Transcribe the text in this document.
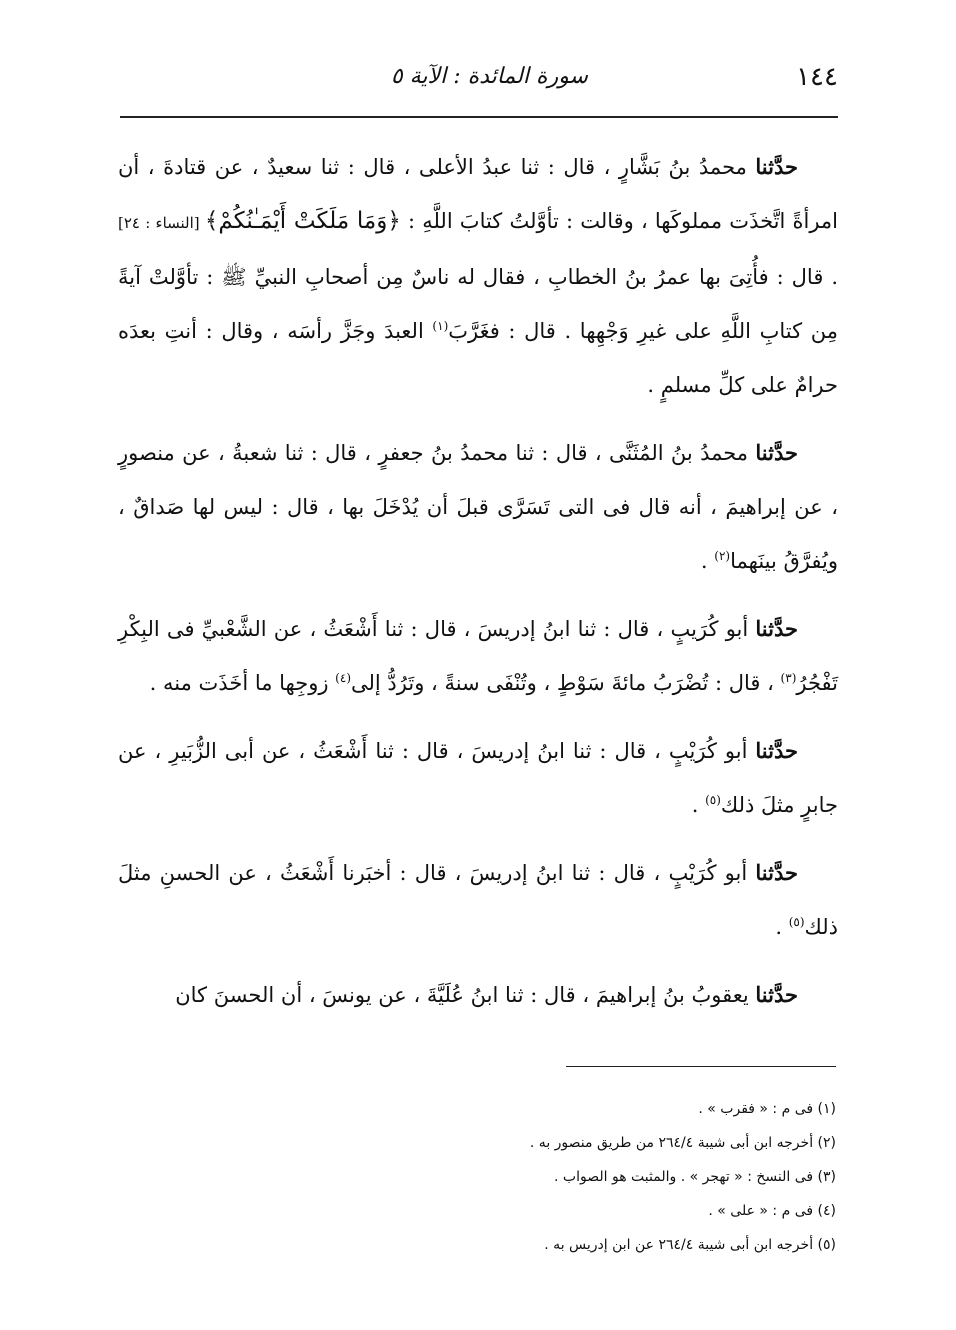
١٤٤
سورة المائدة : الآية ٥

حدَّثنا محمدُ بنُ بَشَّارٍ ، قال : ثنا عبدُ الأعلى ، قال : ثنا سعيدٌ ، عن قتادةَ ، أن امرأةً اتَّخذَت مملوكَها ، وقالت : تأوَّلتُ كتابَ اللَّهِ : ﴿وَمَا مَلَكَتْ أَيْمَـٰنُكُمْ﴾ [النساء : ٢٤] . قال : فأُتِىَ بها عمرُ بنُ الخطابِ ، فقال له ناسٌ مِن أصحابِ النبيِّ ﷺ : تأوَّلتْ آيةً مِن كتابِ اللَّهِ على غيرِ وَجْهِها . قال : فغَرَّبَ$^{(١)}$ العبدَ وجَزَّ رأسَه ، وقال : أنتِ بعدَه حرامٌ على كلِّ مسلمٍ .

حدَّثنا محمدُ بنُ المُثَنَّى ، قال : ثنا محمدُ بنُ جعفرٍ ، قال : ثنا شعبةُ ، عن منصورٍ ، عن إبراهيمَ ، أنه قال فى التى تَسَرَّى قبلَ أن يُدْخَلَ بها ، قال : ليس لها صَداقٌ ، ويُفرَّقُ بينَهما$^{(٢)}$ .

حدَّثنا أبو كُرَيبٍ ، قال : ثنا ابنُ إدريسَ ، قال : ثنا أَشْعَثُ ، عن الشَّعْبيِّ فى البِكْرِ تَفْجُرُ$^{(٣)}$ ، قال : تُضْرَبُ مائةَ سَوْطٍ ، وتُنْفَى سنةً ، وتَرُدُّ إلى$^{(٤)}$ زوجِها ما أخَذَت منه .

حدَّثنا أبو كُرَيْبٍ ، قال : ثنا ابنُ إدريسَ ، قال : ثنا أَشْعَثُ ، عن أبى الزُّبَيرِ ، عن جابرٍ مثلَ ذلك$^{(٥)}$ .

حدَّثنا أبو كُرَيْبٍ ، قال : ثنا ابنُ إدريسَ ، قال : أخبَرنا أَشْعَثُ ، عن الحسنِ مثلَ ذلك$^{(٥)}$ .

حدَّثنا يعقوبُ بنُ إبراهيمَ ، قال : ثنا ابنُ عُلَيَّةَ ، عن يونسَ ، أن الحسنَ كان

(١) فى م : « فقرب » .

(٢) أخرجه ابن أبى شيبة ٢٦٤/٤ من طريق منصور به .

(٣) فى النسخ : « تهجر » . والمثبت هو الصواب .

(٤) فى م : « على » .

(٥) أخرجه ابن أبى شيبة ٢٦٤/٤ عن ابن إدريس به .
